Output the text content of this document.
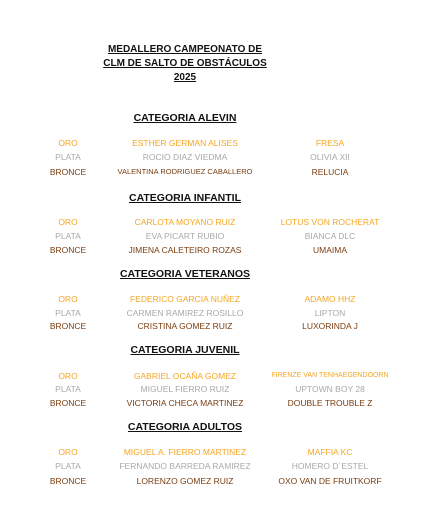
MEDALLERO CAMPEONATO DE
CLM DE SALTO DE OBSTÁCULOS
2025
CATEGORIA ALEVIN
ORO	ESTHER GERMAN ALISES	FRESA
PLATA	ROCIO DIAZ VIEDMA	OLIVIA XII
BRONCE	VALENTINA RODRIGUEZ CABALLERO	RELUCIA
CATEGORIA INFANTIL
ORO	CARLOTA MOYANO RUIZ	LOTUS VON ROCHERAT
PLATA	EVA PICART RUBIO	BIANCA DLC
BRONCE	JIMENA CALETEIRO ROZAS	UMAIMA
CATEGORIA VETERANOS
ORO	FEDERICO GARCIA NUÑEZ	ADAMO HHZ
PLATA	CARMEN RAMIREZ ROSILLO	LIPTON
BRONCE	CRISTINA GOMEZ RUIZ	LUXORINDA J
CATEGORIA JUVENIL
ORO	GABRIEL OCAÑA GOMEZ	FIRENZE VAN TENHAEGENDOORN
PLATA	MIGUEL FIERRO RUIZ	UPTOWN BOY 28
BRONCE	VICTORIA CHECA MARTINEZ	DOUBLE TROUBLE Z
CATEGORIA ADULTOS
ORO	MIGUEL A. FIERRO MARTINEZ	MAFFIA KC
PLATA	FERNANDO BARREDA RAMIREZ	HOMERO D´ESTEL
BRONCE	LORENZO GOMEZ RUIZ	OXO VAN DE FRUITKORF
